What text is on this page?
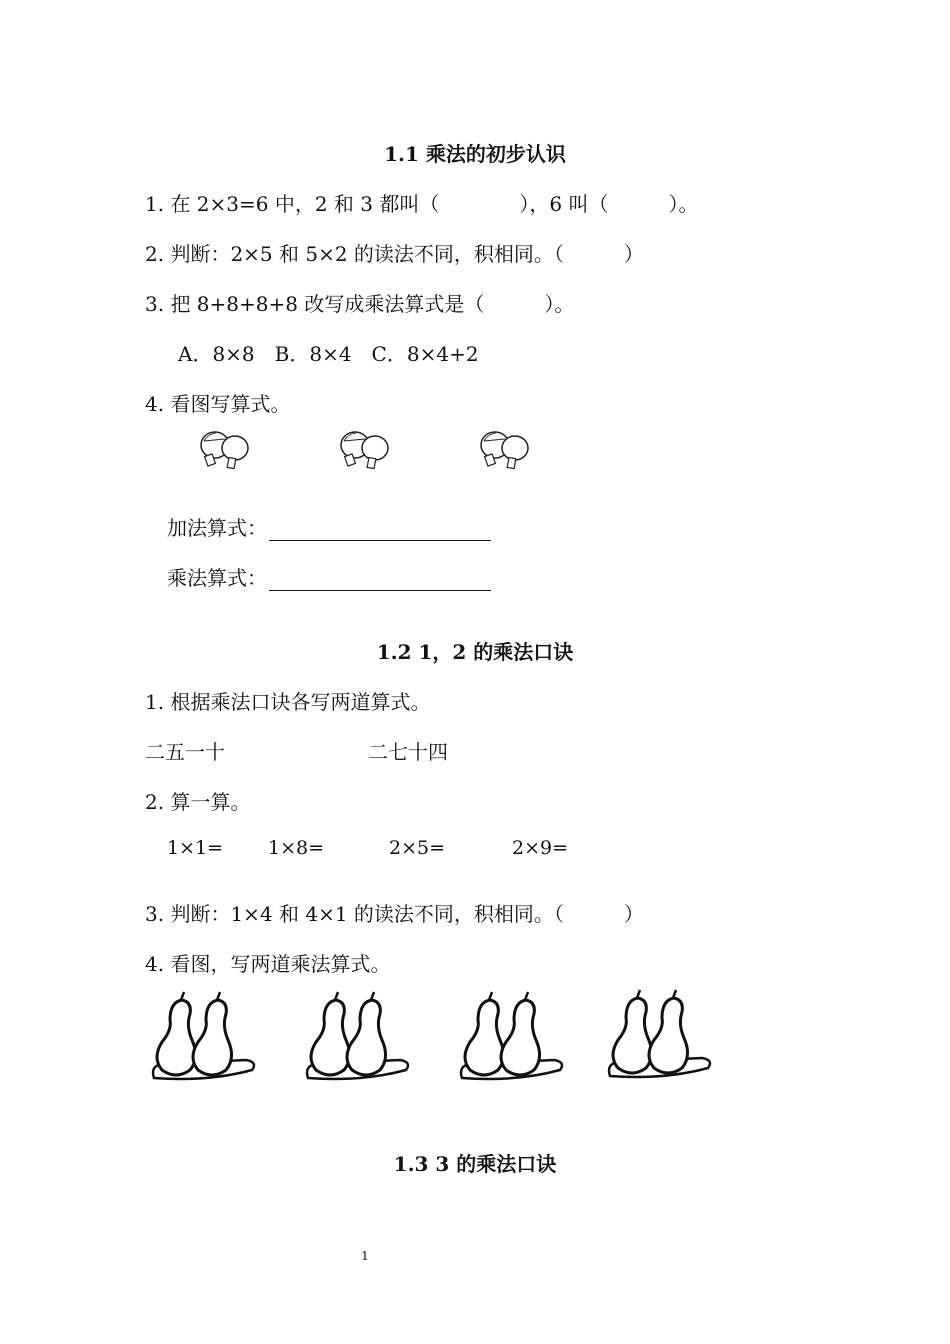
1.1 乘法的初步认识
1. 在 2×3=6 中，2 和 3 都叫（　　　　），6 叫（　　　）。
2. 判断：2×5 和 5×2 的读法不同，积相同。（　　　）
3. 把 8+8+8+8 改写成乘法算式是（　　　）。
A．8×8　B．8×4　C．8×4+2
4. 看图写算式。
加法算式：
乘法算式：
1.2 1，2 的乘法口诀
1. 根据乘法口诀各写两道算式。
二五一十	二七十四
2. 算一算。
1×1= 1×8=	2×5=	2×9=
3. 判断：1×4 和 4×1 的读法不同，积相同。（　　　）
4. 看图，写两道乘法算式。
1.3 3 的乘法口诀
1
